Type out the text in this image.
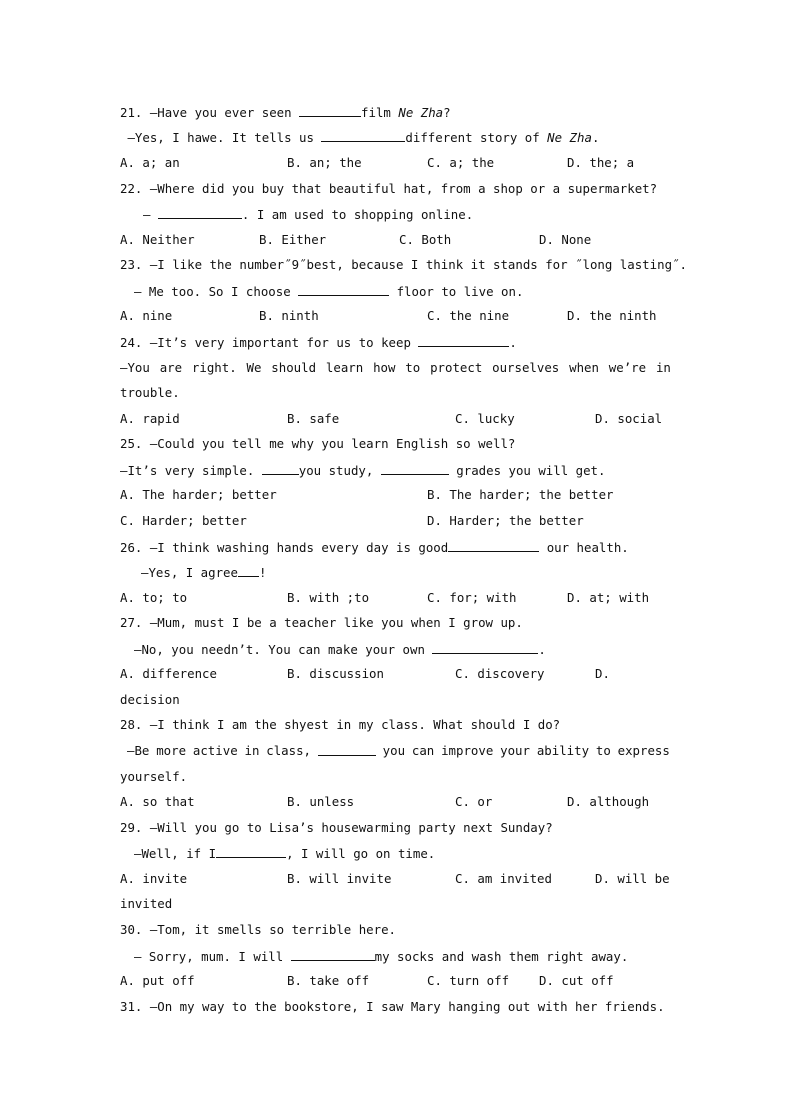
21. —Have you ever seen	film Ne Zha?
—Yes, I hawe. It tells us	different story of Ne Zha.
A. a; an	B. an; the	C. a; the	D. the; a
22. —Where did you buy that beautiful hat, from a shop or a supermarket?
—	. I am used to shopping online.
A. Neither	B. Either	C. Both	D. None
23. —I like the number˝9˝best, because I think it stands for ˝long lasting˝.
— Me too. So I choose	floor to live on.
A. nine	B. ninth	C. the nine	D. the ninth
24. —It’s very important for us to keep	.
—You are right. We should learn how to protect ourselves when we’re in
trouble.
A. rapid	B. safe	C. lucky	D. social
25. —Could you tell me why you learn English so well?
—It’s very simple.	you study,	grades you will get.
A. The harder; better	B. The harder; the better
C. Harder; better	D. Harder; the better
26. —I think washing hands every day is good	our health.
—Yes, I agree !
A. to; to	B. with ;to	C. for; with	D. at; with
27. —Mum, must I be a teacher like you when I grow up.
—No, you needn’t. You can make your own	.
A. difference	B. discussion	C. discovery	D.
decision
28. —I think I am the shyest in my class. What should I do?
—Be more active in class,	you can improve your ability to express
yourself.
A. so that	B. unless	C. or	D. although
29. —Will you go to Lisa’s housewarming party next Sunday?
—Well, if I	, I will go on time.
A. invite	B. will invite	C. am invited	D. will be
invited
30. —Tom, it smells so terrible here.
— Sorry, mum. I will	my socks and wash them right away.
A. put off	B. take off	C. turn off D. cut off
31. —On my way to the bookstore, I saw Mary hanging out with her friends.
